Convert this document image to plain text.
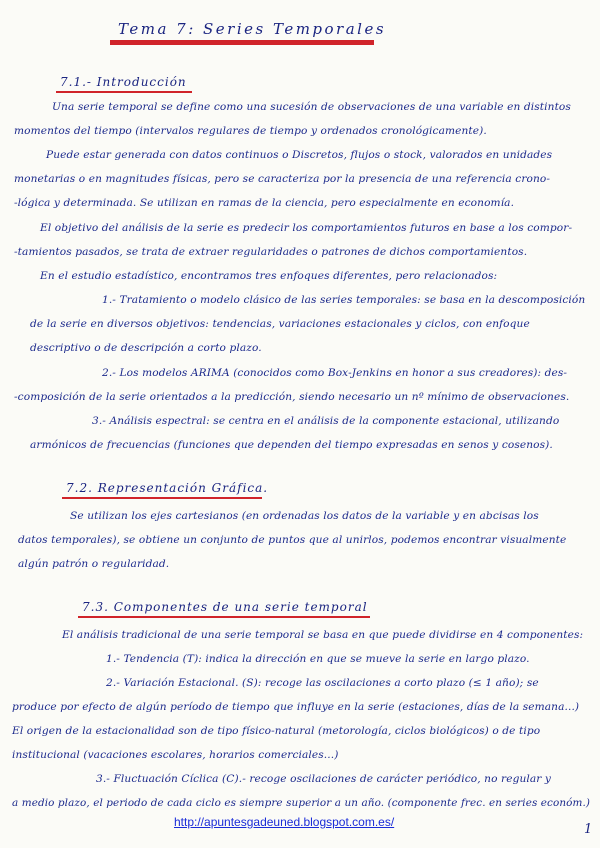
Tema 7: Series Temporales
7.1.- Introducción
Una serie temporal se define como una sucesión de observaciones de una variable en distintos
momentos del tiempo (intervalos regulares de tiempo y ordenados cronológicamente).
Puede estar generada con datos continuos o Discretos, flujos o stock, valorados en unidades
monetarias o en magnitudes físicas, pero se caracteriza por la presencia de una referencia crono-
-lógica y determinada. Se utilizan en ramas de la ciencia, pero especialmente en economía.
El objetivo del análisis de la serie es predecir los comportamientos futuros en base a los compor-
-tamientos pasados, se trata de extraer regularidades o patrones de dichos comportamientos.
En el estudio estadístico, encontramos tres enfoques diferentes, pero relacionados:
1.- Tratamiento o modelo clásico de las series temporales: se basa en la descomposición
de la serie en diversos objetivos: tendencias, variaciones estacionales y ciclos, con enfoque
descriptivo o de descripción a corto plazo.
2.- Los modelos ARIMA (conocidos como Box-Jenkins en honor a sus creadores): des-
-composición de la serie orientados a la predicción, siendo necesario un nº mínimo de observaciones.
3.- Análisis espectral: se centra en el análisis de la componente estacional, utilizando
armónicos de frecuencias (funciones que dependen del tiempo expresadas en senos y cosenos).
7.2. Representación Gráfica.
Se utilizan los ejes cartesianos (en ordenadas los datos de la variable y en abcisas los
datos temporales), se obtiene un conjunto de puntos que al unirlos, podemos encontrar visualmente
algún patrón o regularidad.
7.3. Componentes de una serie temporal
El análisis tradicional de una serie temporal se basa en que puede dividirse en 4 componentes:
1.- Tendencia (T): indica la dirección en que se mueve la serie en largo plazo.
2.- Variación Estacional. (S): recoge las oscilaciones a corto plazo (≤ 1 año); se
produce por efecto de algún período de tiempo que influye en la serie (estaciones, días de la semana...)
El origen de la estacionalidad son de tipo físico-natural (metorología, ciclos biológicos) o de tipo
institucional (vacaciones escolares, horarios comerciales...)
3.- Fluctuación Cíclica (C).- recoge oscilaciones de carácter periódico, no regular y
a medio plazo, el periodo de cada ciclo es siempre superior a un año. (componente frec. en series económ.)
http://apuntesgadeuned.blogspot.com.es/	1
